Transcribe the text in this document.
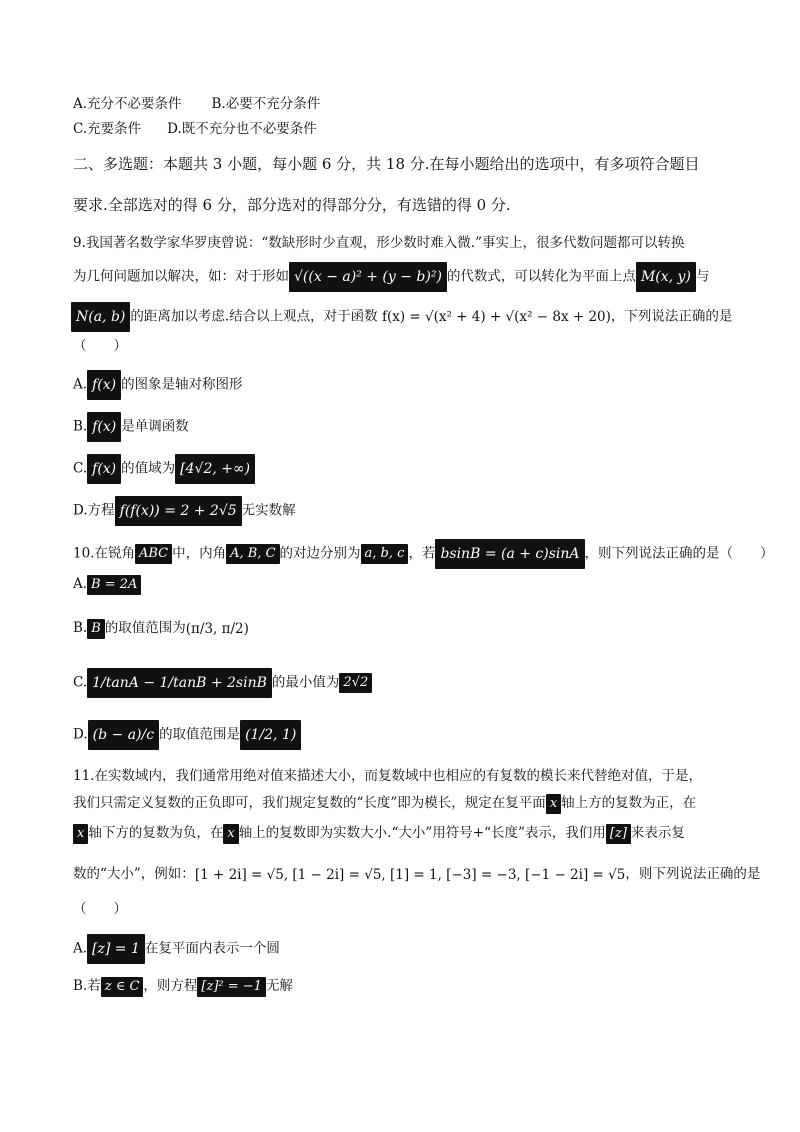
A.充分不必要条件 B.必要不充分条件
C.充要条件 D.既不充分也不必要条件
二、多选题：本题共 3 小题，每小题 6 分，共 18 分.在每小题给出的选项中，有多项符合题目
要求.全部选对的得 6 分，部分选对的得部分分，有选错的得 0 分.
9.我国著名数学家华罗庚曾说：“数缺形时少直观，形少数时难入微.”事实上，很多代数问题都可以转换
为几何问题加以解决，如：对于形如 √((x − a)² + (y − b)²) 的代数式，可以转化为平面上点 M(x, y) 与
N(a, b) 的距离加以考虑.结合以上观点，对于函数 f(x) = √(x² + 4) + √(x² − 8x + 20)，下列说法正确的是
（　　）
A. f(x) 的图象是轴对称图形
B. f(x) 是单调函数
C. f(x) 的值域为 [4√2, +∞)
D.方程 f(f(x)) = 2 + 2√5 无实数解
10.在锐角 ABC 中，内角 A, B, C 的对边分别为 a, b, c ，若 bsinB = (a + c)sinA ，则下列说法正确的是（　　）
A. B = 2A
B. B 的取值范围为(π/3, π/2)
C. 1/tanA − 1/tanB + 2sinB 的最小值为 2√2
D. (b − a)/c 的取值范围是 (1/2, 1)
11.在实数域内，我们通常用绝对值来描述大小，而复数域中也相应的有复数的模长来代替绝对值，于是，
我们只需定义复数的正负即可，我们规定复数的“长度”即为模长，规定在复平面 x 轴上方的复数为正，在
x 轴下方的复数为负，在 x 轴上的复数即为实数大小.“大小”用符号+“长度”表示，我们用 [z] 来表示复
数的“大小”，例如：[1 + 2i] = √5, [1 − 2i] = √5, [1] = 1, [−3] = −3, [−1 − 2i] = √5，则下列说法正确的是
（　　）
A. [z] = 1 在复平面内表示一个圆
B.若 z ∈ C ，则方程 [z]² = −1 无解
